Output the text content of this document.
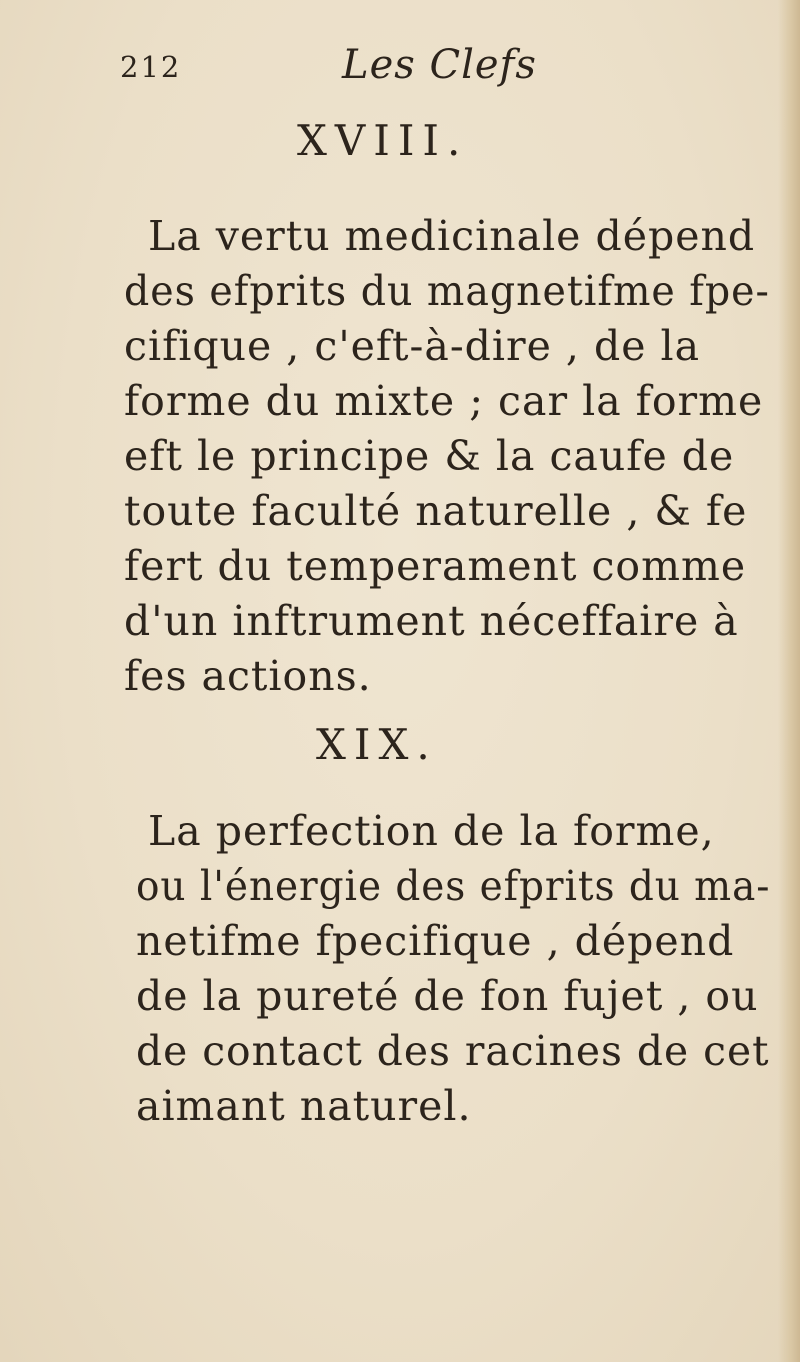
212	Les Clefs
XVIII.
La vertu medicinale dépend
des efprits du magnetifme fpe-
cifique , c'eft-à-dire , de la
forme du mixte ; car la forme
eft le principe & la caufe de
toute faculté naturelle , & fe
fert du temperament comme
d'un inftrument néceffaire à
fes actions.
XIX.
La perfection de la forme,
ou l'énergie des efprits du ma-
netifme fpecifique , dépend
de la pureté de fon fujet , ou
de contact des racines de cet
aimant naturel.
